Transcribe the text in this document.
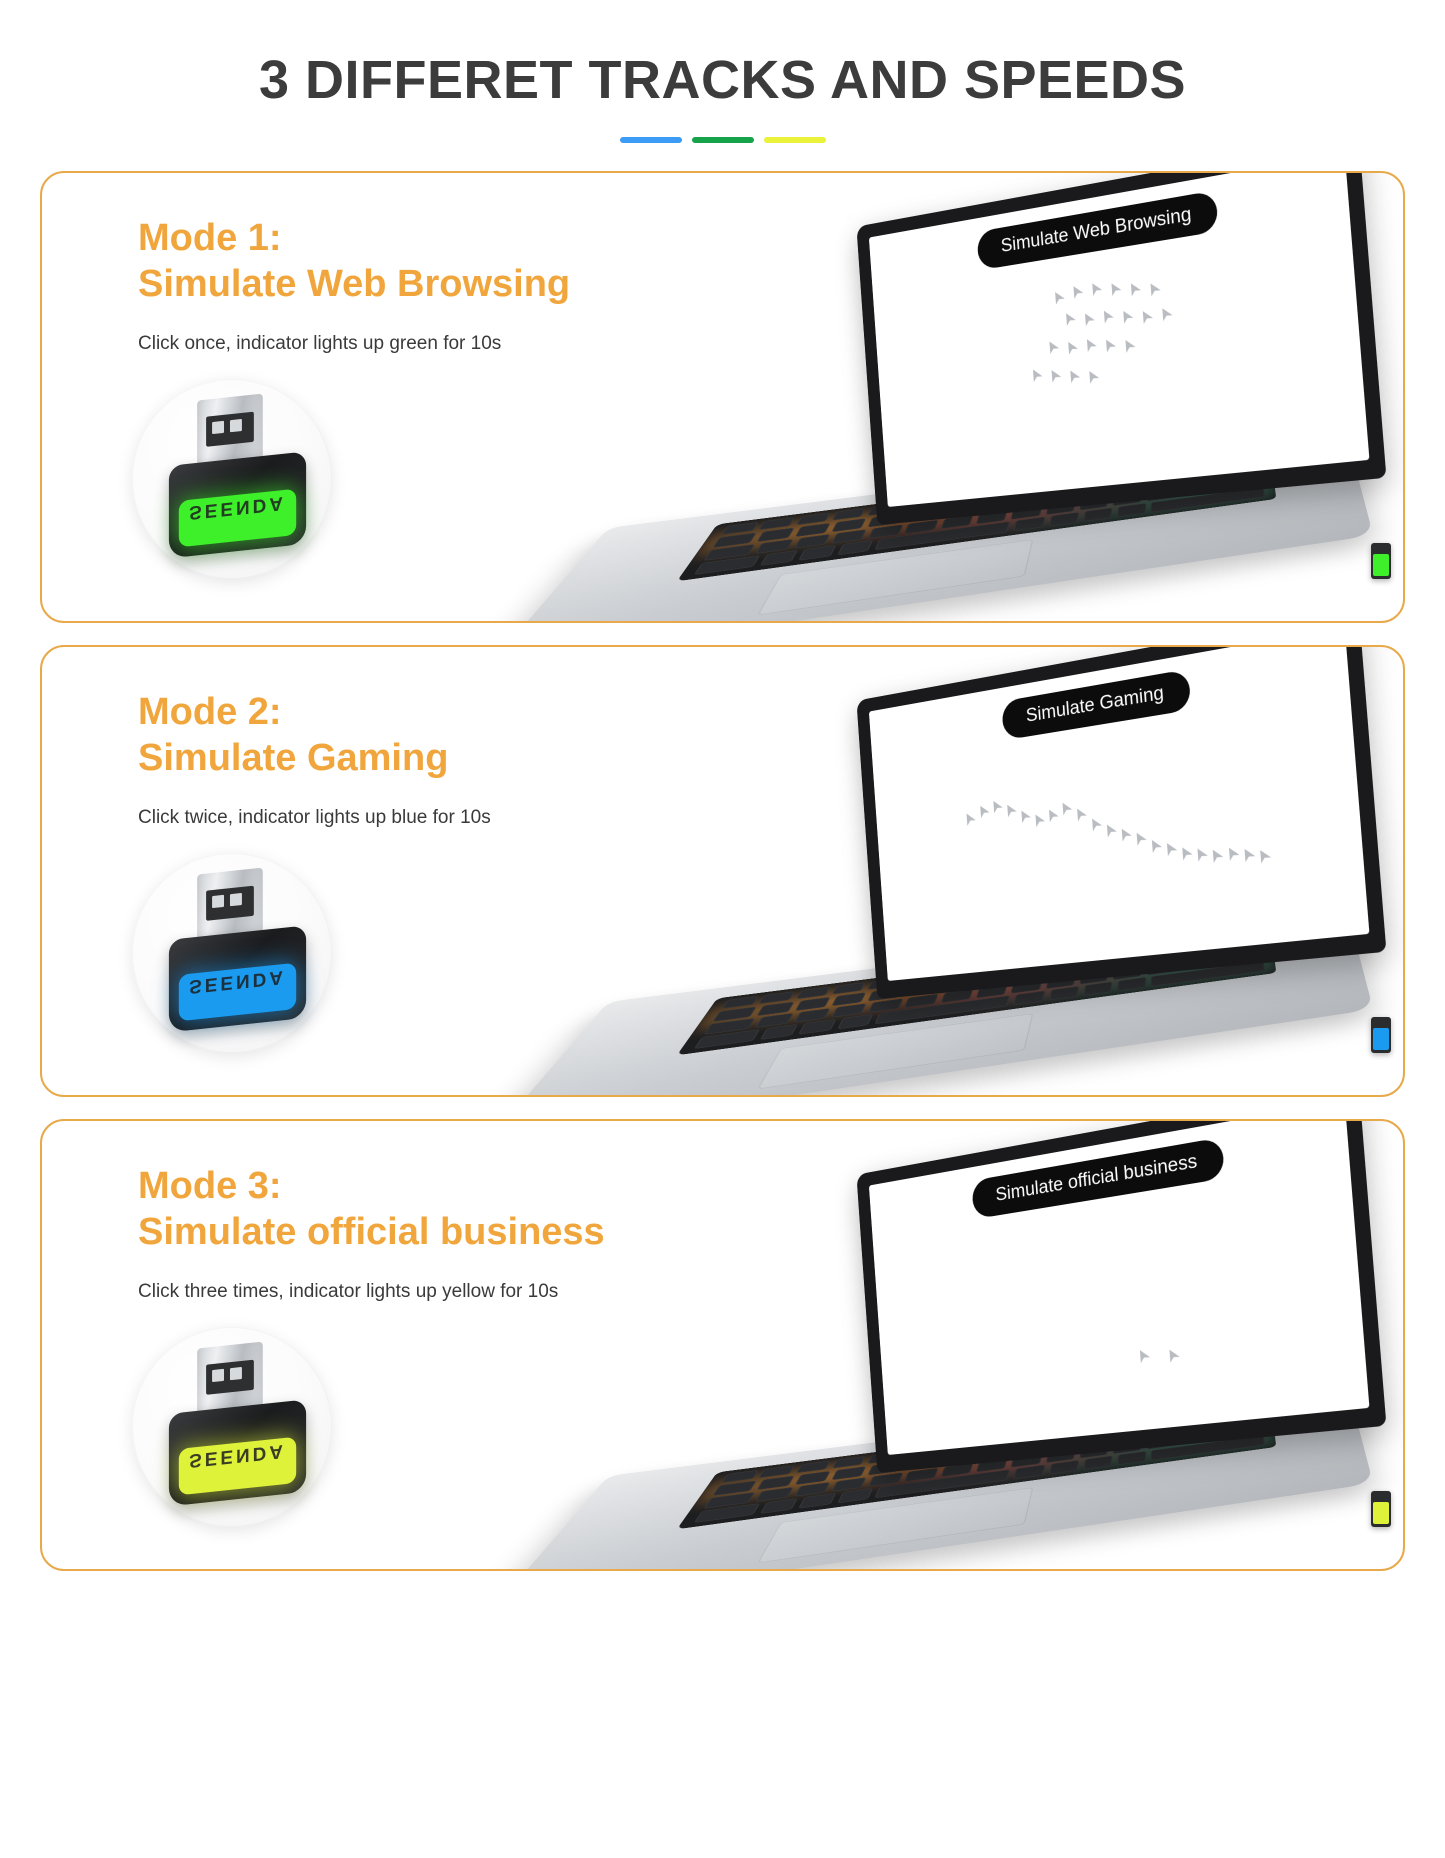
3 DIFFERET TRACKS AND SPEEDS
Mode 1:
Simulate Web Browsing
Click once, indicator lights up green for 10s
SEENDA
Simulate Web Browsing
Mode 2:
Simulate Gaming
Click twice, indicator lights up blue for 10s
SEENDA
Simulate Gaming
Mode 3:
Simulate official business
Click three times, indicator lights up yellow for 10s
SEENDA
Simulate official business
